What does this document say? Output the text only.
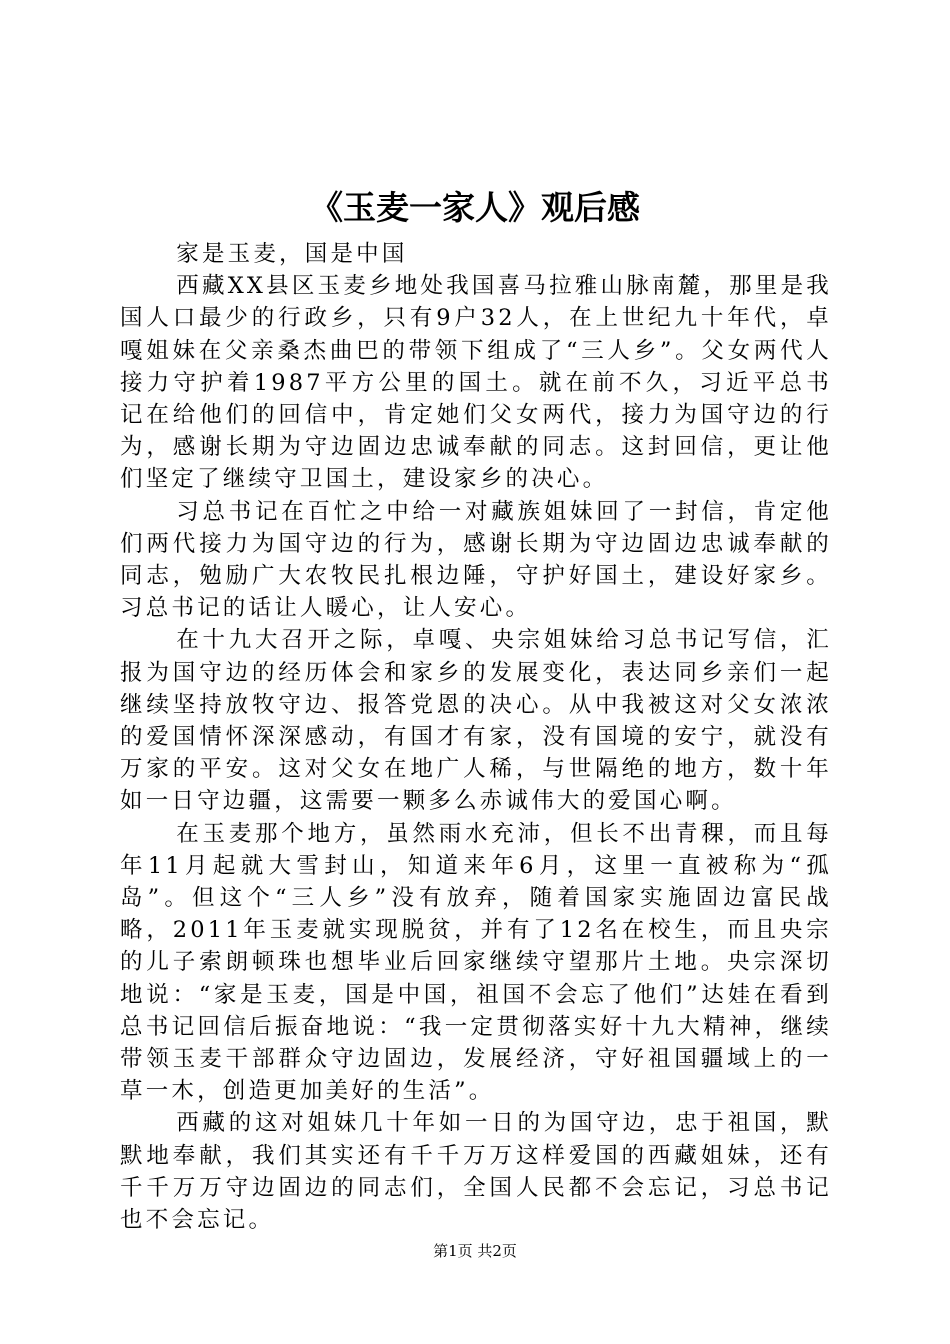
《玉麦一家人》观后感

家是玉麦，国是中国

西藏XX县区玉麦乡地处我国喜马拉雅山脉南麓，那里是我国人口最少的行政乡，只有9户32人，在上世纪九十年代，卓嘎姐妹在父亲桑杰曲巴的带领下组成了“三人乡”。父女两代人接力守护着1987平方公里的国土。就在前不久，习近平总书记在给他们的回信中，肯定她们父女两代，接力为国守边的行为，感谢长期为守边固边忠诚奉献的同志。这封回信，更让他们坚定了继续守卫国土，建设家乡的决心。

习总书记在百忙之中给一对藏族姐妹回了一封信，肯定他们两代接力为国守边的行为，感谢长期为守边固边忠诚奉献的同志，勉励广大农牧民扎根边陲，守护好国土，建设好家乡。习总书记的话让人暖心，让人安心。

在十九大召开之际，卓嘎、央宗姐妹给习总书记写信，汇报为国守边的经历体会和家乡的发展变化，表达同乡亲们一起继续坚持放牧守边、报答党恩的决心。从中我被这对父女浓浓的爱国情怀深深感动，有国才有家，没有国境的安宁，就没有万家的平安。这对父女在地广人稀，与世隔绝的地方，数十年如一日守边疆，这需要一颗多么赤诚伟大的爱国心啊。

在玉麦那个地方，虽然雨水充沛，但长不出青稞，而且每年11月起就大雪封山，知道来年6月，这里一直被称为“孤岛”。但这个“三人乡”没有放弃，随着国家实施固边富民战略，2011年玉麦就实现脱贫，并有了12名在校生，而且央宗的儿子索朗顿珠也想毕业后回家继续守望那片土地。央宗深切地说：“家是玉麦，国是中国，祖国不会忘了他们”达娃在看到总书记回信后振奋地说：“我一定贯彻落实好十九大精神，继续带领玉麦干部群众守边固边，发展经济，守好祖国疆域上的一草一木，创造更加美好的生活”。

西藏的这对姐妹几十年如一日的为国守边，忠于祖国，默默地奉献，我们其实还有千千万万这样爱国的西藏姐妹，还有千千万万守边固边的同志们，全国人民都不会忘记，习总书记也不会忘记。

第1页 共2页
